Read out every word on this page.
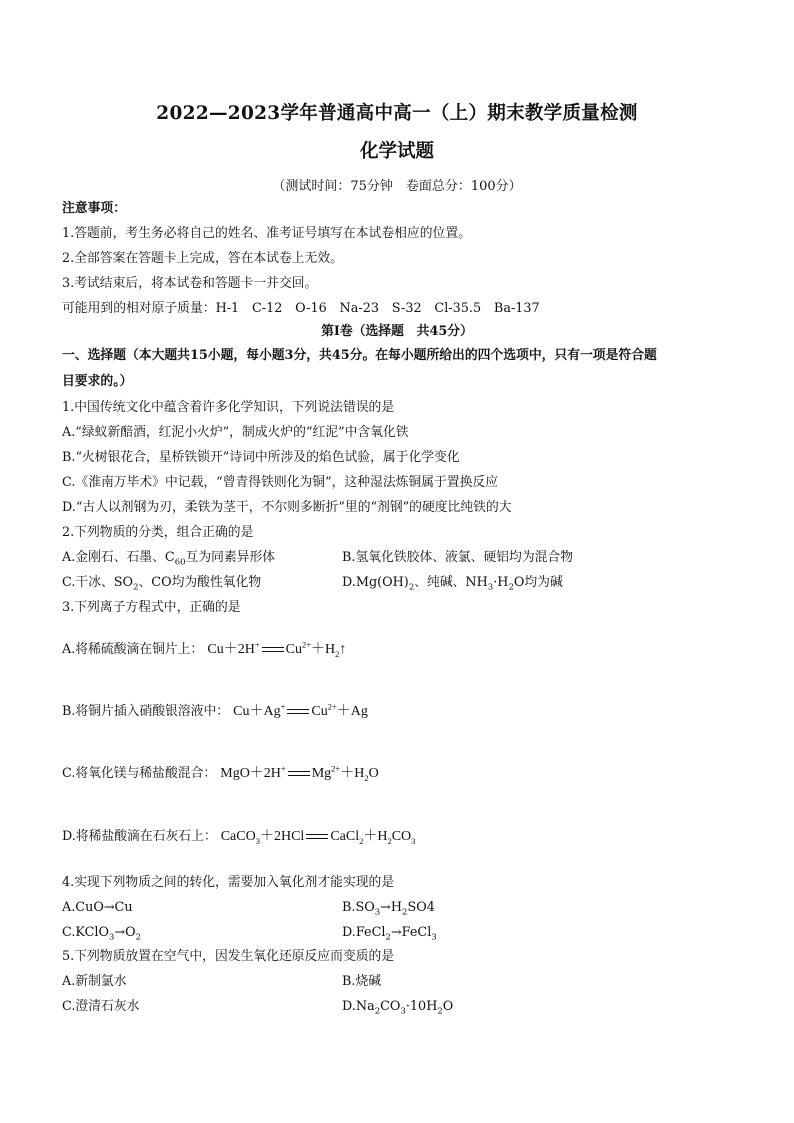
2022—2023学年普通高中高一（上）期末教学质量检测
化学试题
（测试时间：75分钟　卷面总分：100分）
注意事项：
1.答题前，考生务必将自己的姓名、准考证号填写在本试卷相应的位置。
2.全部答案在答题卡上完成，答在本试卷上无效。
3.考试结束后，将本试卷和答题卡一并交回。
可能用到的相对原子质量：H-1　C-12　O-16　Na-23　S-32　Cl-35.5　Ba-137
第Ⅰ卷（选择题　共45分）
一、选择题（本大题共15小题，每小题3分，共45分。在每小题所给出的四个选项中，只有一项是符合题
目要求的。）
1.中国传统文化中蕴含着许多化学知识，下列说法错误的是
A.“绿蚁新醅酒，红泥小火炉”，制成火炉的“红泥”中含氧化铁
B.“火树银花合，星桥铁锁开”诗词中所涉及的焰色试验，属于化学变化
C.《淮南万毕术》中记载，“曾青得铁则化为铜”，这种湿法炼铜属于置换反应
D.“古人以剂钢为刃，柔铁为茎干，不尔则多断折”里的“剂钢”的硬度比纯铁的大
2.下列物质的分类，组合正确的是
A.金刚石、石墨、$C_{60}$互为同素异形体	B.氢氧化铁胶体、液氯、硬铝均为混合物
C.干冰、$SO_2$、CO均为酸性氧化物	$D.Mg(OH)_2$、纯碱、$NH_3\cdot H_2O$均为碱
3.下列离子方程式中，正确的是
A.将稀硫酸滴在铜片上： Cu＋2H+ $Cu^{2+}+H_2↑$
B.将铜片插入硝酸银溶液中： Cu＋Ag+ $Cu^{2+}+Ag$
C.将氧化镁与稀盐酸混合： MgO＋2H+ $Mg^{2+}+H_2O$
D.将稀盐酸滴在石灰石上： CaCO$_3$＋2HCl $CaCl_2+H_2CO_3$
4.实现下列物质之间的转化，需要加入氧化剂才能实现的是
A.CuO→Cu	$B.SO_3\to H_2SO4$
$C.KClO_3\to O_2$	D.FeCl$_2$→FeCl$_3$
5.下列物质放置在空气中，因发生氧化还原反应而变质的是
A.新制氯水	B.烧碱
C.澄清石灰水	$D.Na_2CO_3\cdot 10H_2O$
